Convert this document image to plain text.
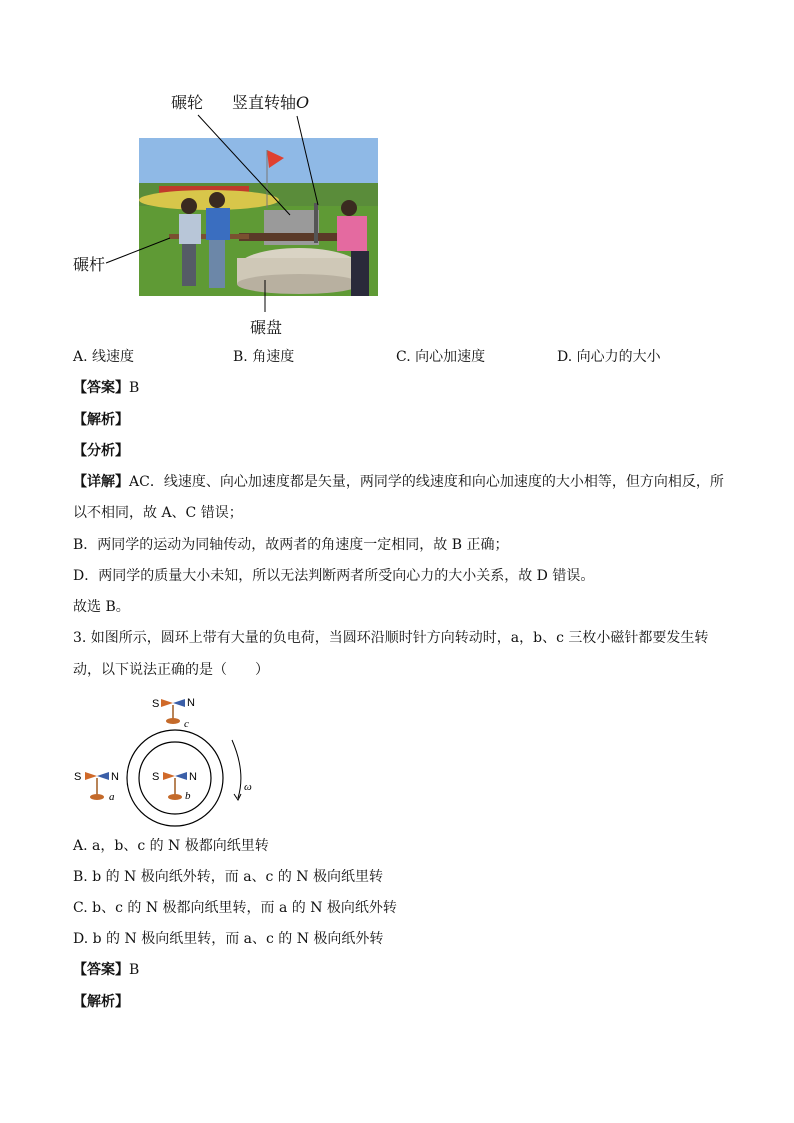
碾轮 竖直转轴O
碾杆
碾盘
A. 线速度	B. 角速度	C. 向心加速度	D. 向心力的大小
【答案】B
【解析】
【分析】
【详解】AC．线速度、向心加速度都是矢量，两同学的线速度和向心加速度的大小相等，但方向相反，所
以不相同，故 A、C 错误；
B．两同学的运动为同轴传动，故两者的角速度一定相同，故 B 正确；
D．两同学的质量大小未知，所以无法判断两者所受向心力的大小关系，故 D 错误。
故选 B。
3. 如图所示，圆环上带有大量的负电荷，当圆环沿顺时针方向转动时，a，b、c 三枚小磁针都要发生转
动，以下说法正确的是（　　）
ω
S	N
c
S	N
a
S	N
b
A. a，b、c 的 N 极都向纸里转
B. b 的 N 极向纸外转，而 a、c 的 N 极向纸里转
C. b、c 的 N 极都向纸里转，而 a 的 N 极向纸外转
D. b 的 N 极向纸里转，而 a、c 的 N 极向纸外转
【答案】B
【解析】
